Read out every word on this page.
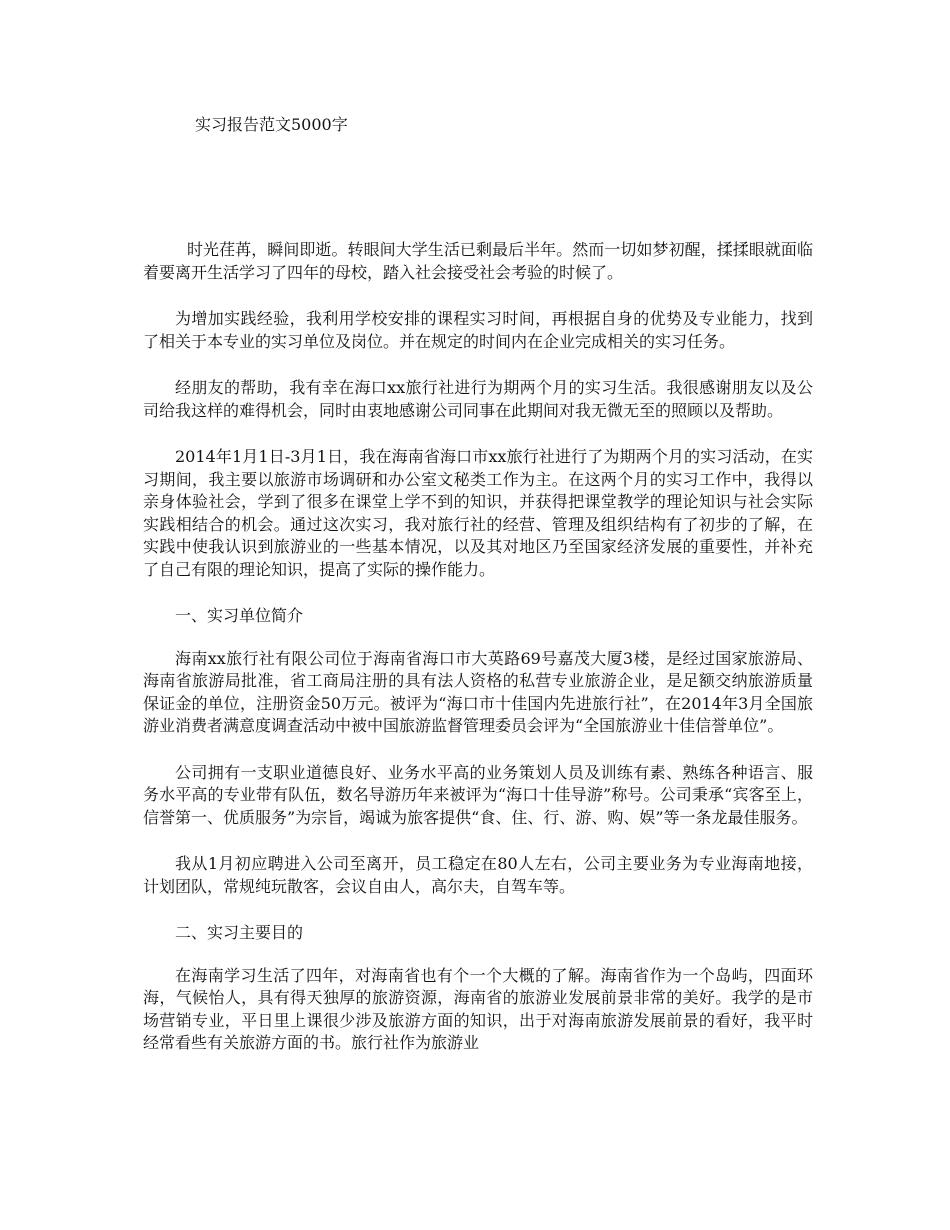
实习报告范文5000字

时光荏苒，瞬间即逝。转眼间大学生活已剩最后半年。然而一切如梦初醒，揉揉眼就面临着要离开生活学习了四年的母校，踏入社会接受社会考验的时候了。

为增加实践经验，我利用学校安排的课程实习时间，再根据自身的优势及专业能力，找到了相关于本专业的实习单位及岗位。并在规定的时间内在企业完成相关的实习任务。

经朋友的帮助，我有幸在海口xx旅行社进行为期两个月的实习生活。我很感谢朋友以及公司给我这样的难得机会，同时由衷地感谢公司同事在此期间对我无微无至的照顾以及帮助。

2014年1月1日-3月1日，我在海南省海口市xx旅行社进行了为期两个月的实习活动，在实习期间，我主要以旅游市场调研和办公室文秘类工作为主。在这两个月的实习工作中，我得以亲身体验社会，学到了很多在课堂上学不到的知识，并获得把课堂教学的理论知识与社会实际实践相结合的机会。通过这次实习，我对旅行社的经营、管理及组织结构有了初步的了解，在实践中使我认识到旅游业的一些基本情况，以及其对地区乃至国家经济发展的重要性，并补充了自己有限的理论知识，提高了实际的操作能力。

一、实习单位简介

海南xx旅行社有限公司位于海南省海口市大英路69号嘉茂大厦3楼，是经过国家旅游局、海南省旅游局批准，省工商局注册的具有法人资格的私营专业旅游企业，是足额交纳旅游质量保证金的单位，注册资金50万元。被评为“海口市十佳国内先进旅行社”，在2014年3月全国旅游业消费者满意度调查活动中被中国旅游监督管理委员会评为“全国旅游业十佳信誉单位”。

公司拥有一支职业道德良好、业务水平高的业务策划人员及训练有素、熟练各种语言、服务水平高的专业带有队伍，数名导游历年来被评为“海口十佳导游”称号。公司秉承“宾客至上，信誉第一、优质服务”为宗旨，竭诚为旅客提供“食、住、行、游、购、娱”等一条龙最佳服务。

我从1月初应聘进入公司至离开，员工稳定在80人左右，公司主要业务为专业海南地接，计划团队，常规纯玩散客，会议自由人，高尔夫，自驾车等。

二、实习主要目的

在海南学习生活了四年，对海南省也有个一个大概的了解。海南省作为一个岛屿，四面环海，气候怡人，具有得天独厚的旅游资源，海南省的旅游业发展前景非常的美好。我学的是市场营销专业，平日里上课很少涉及旅游方面的知识，出于对海南旅游发展前景的看好，我平时经常看些有关旅游方面的书。旅行社作为旅游业
